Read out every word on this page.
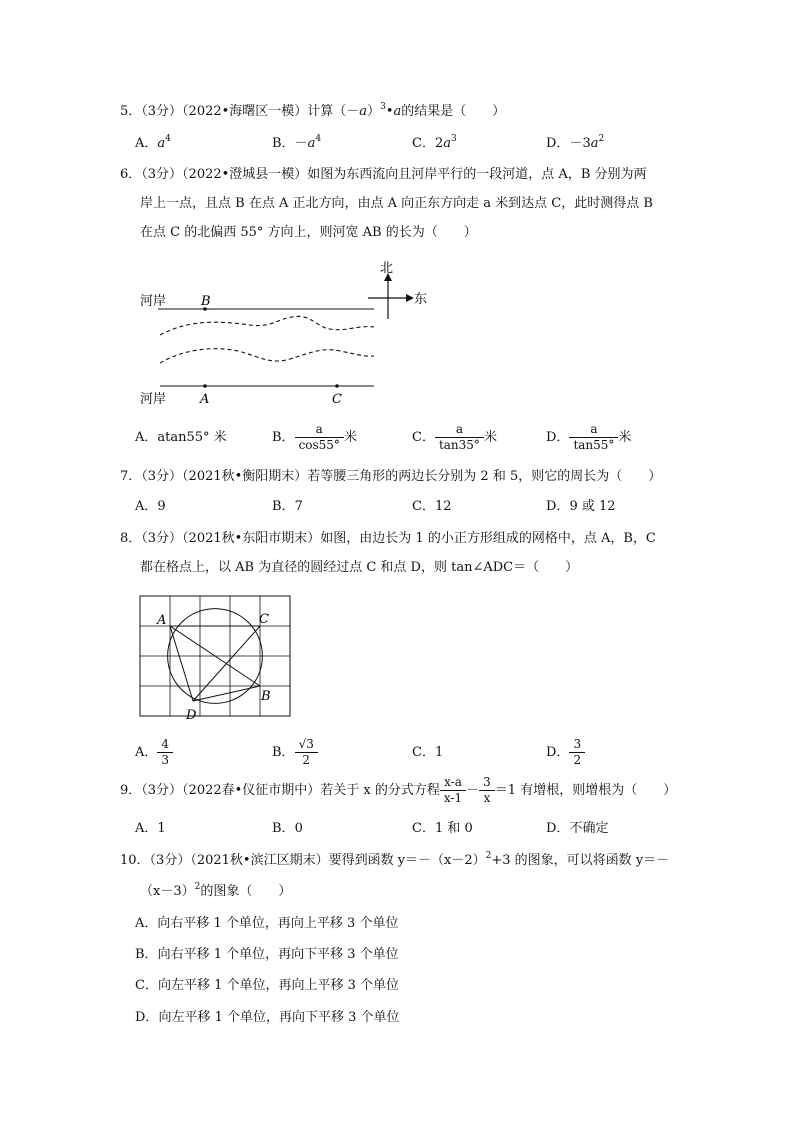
5．（3分）（2022•海曙区一模）计算$(-a)^3•a$的结果是（　　）
A．$a^4$	B．$-a^4$	C．$2a^3$	D．$-3a^2$
6．（3分）（2022•澄城县一模）如图为东西流向且河岸平行的一段河道，点 A，B 分别为两
岸上一点，且点 B 在点 A 正北方向，由点 A 向正东方向走 a 米到达点 C，此时测得点 B
在点 C 的北偏西 55° 方向上，则河宽 AB 的长为（　　）
北
东
河岸	B
河岸	A	C
A．atan55° 米	B． $\frac{a}{\cos 55^\circ}$ 米	C． $\frac{a}{\tan 35^\circ}$ 米	D． $\frac{a}{\tan 55^\circ}$ 米
7．（3分）（2021秋•衡阳期末）若等腰三角形的两边长分别为 2 和 5，则它的周长为（　　）
A．9	B．7	C．12	D．9 或 12
8．（3分）（2021秋•东阳市期末）如图，由边长为 1 的小正方形组成的网格中，点 A，B，C
都在格点上，以 AB 为直径的圆经过点 C 和点 D，则 tan∠ADC＝（　　）
A	C
B
D
A． $\frac{4}{3}$	B． $\frac{√3}{2}$	C．1	D． $\frac{3}{2}$
9．（3分）（2022春•仪征市期中）若关于 x 的分式方程 $\frac{x-a}{x-1} - \frac{3}{x} =1$ 有增根，则增根为（　　）
A．1	B．0	C．1 和 0	D．不确定
10．（3分）（2021秋•滨江区期末）要得到函数 $y=-(x-2)^2+3$ 的图象，可以将函数 y＝－
$(x-3)^2$的图象（　　）
A．向右平移 1 个单位，再向上平移 3 个单位
B．向右平移 1 个单位，再向下平移 3 个单位
C．向左平移 1 个单位，再向上平移 3 个单位
D．向左平移 1 个单位，再向下平移 3 个单位
